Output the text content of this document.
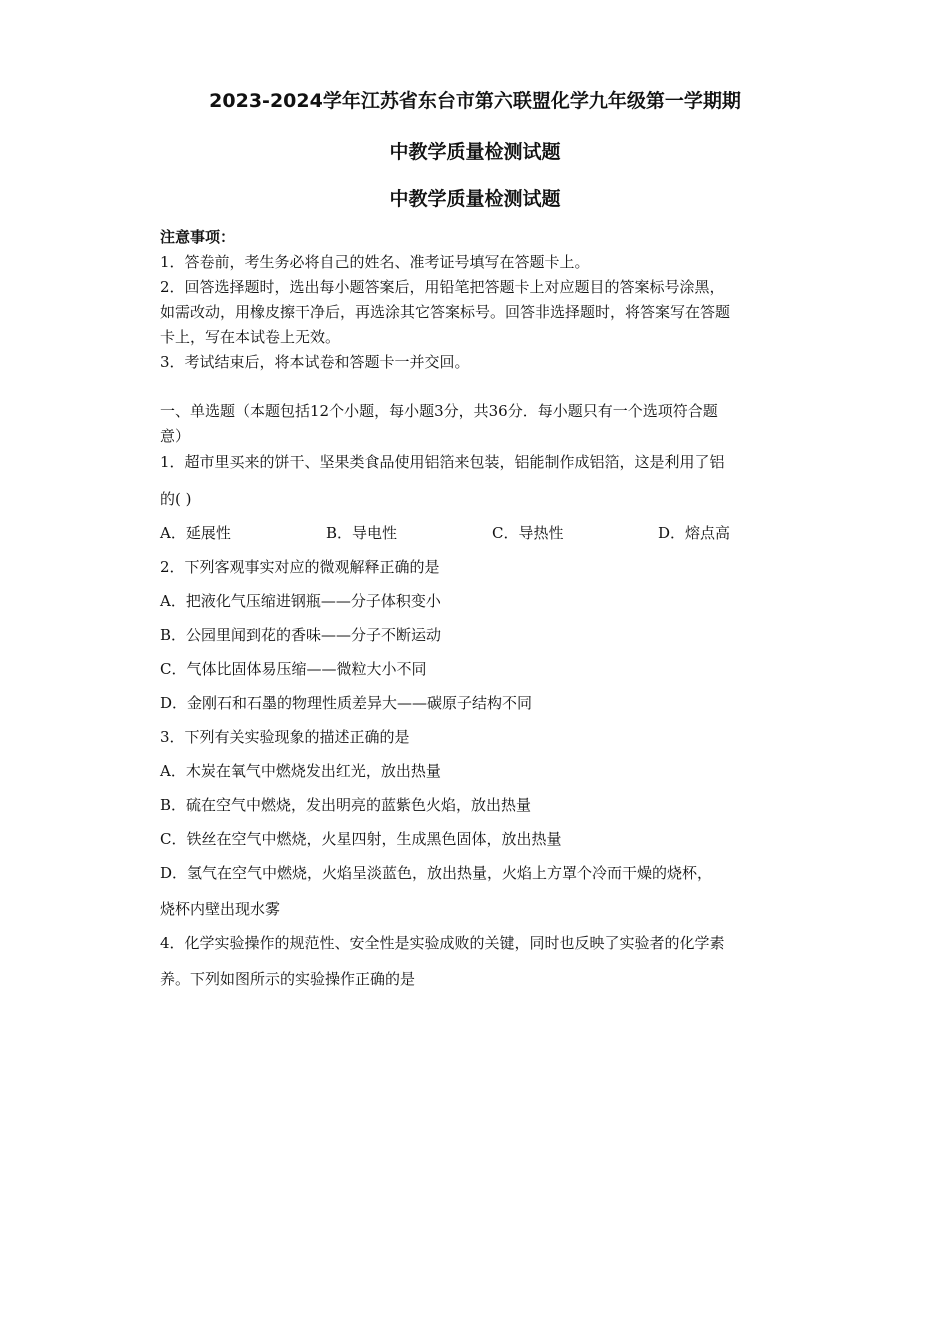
2023-2024学年江苏省东台市第六联盟化学九年级第一学期期
中教学质量检测试题
中教学质量检测试题

注意事项：

1．答卷前，考生务必将自己的姓名、准考证号填写在答题卡上。

2．回答选择题时，选出每小题答案后，用铅笔把答题卡上对应题目的答案标号涂黑，

如需改动，用橡皮擦干净后，再选涂其它答案标号。回答非选择题时，将答案写在答题

卡上，写在本试卷上无效。

3．考试结束后，将本试卷和答题卡一并交回。

一、单选题（本题包括12个小题，每小题3分，共36分．每小题只有一个选项符合题

意）

1．超市里买来的饼干、坚果类食品使用铝箔来包装，铝能制作成铝箔，这是利用了铝

的( )

A．延展性	B．导电性	C．导热性	D．熔点高

2．下列客观事实对应的微观解释正确的是

A．把液化气压缩进钢瓶——分子体积变小

B．公园里闻到花的香味——分子不断运动

C．气体比固体易压缩——微粒大小不同

D．金刚石和石墨的物理性质差异大——碳原子结构不同

3．下列有关实验现象的描述正确的是

A．木炭在氧气中燃烧发出红光，放出热量

B．硫在空气中燃烧，发出明亮的蓝紫色火焰，放出热量

C．铁丝在空气中燃烧，火星四射，生成黑色固体，放出热量

D．氢气在空气中燃烧，火焰呈淡蓝色，放出热量，火焰上方罩个冷而干燥的烧杯，

烧杯内壁出现水雾

4．化学实验操作的规范性、安全性是实验成败的关键，同时也反映了实验者的化学素

养。下列如图所示的实验操作正确的是
